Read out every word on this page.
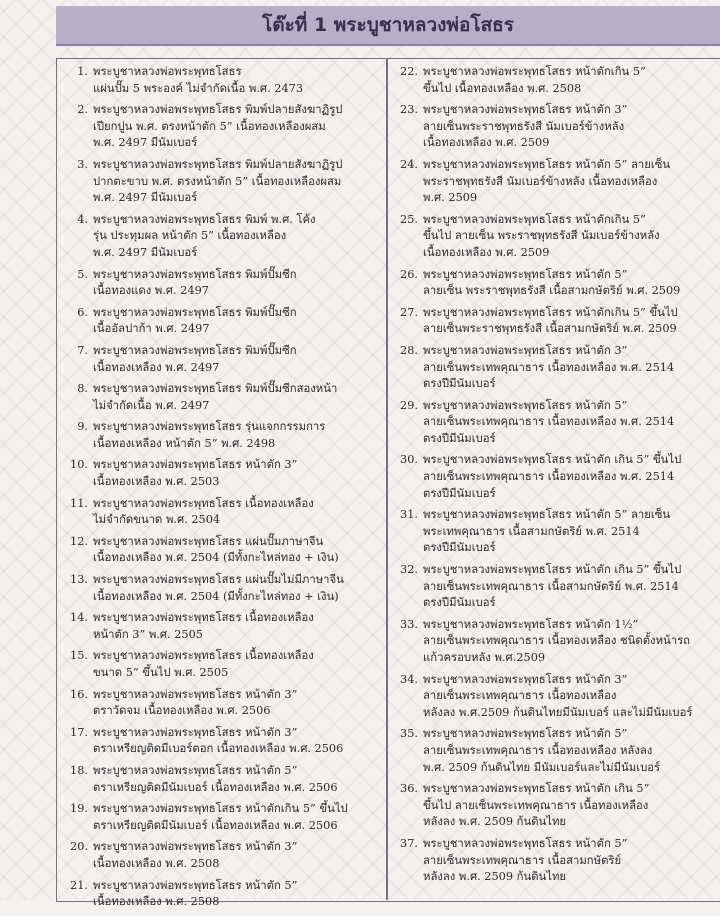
โต๊ะที่ 1 พระบูชาหลวงพ่อโสธร
1. พระบูชาหลวงพ่อพระพุทธโสธร
แผ่นปั๊ม 5 พระองค์ ไม่จำกัดเนื้อ พ.ศ. 2473
2. พระบูชาหลวงพ่อพระพุทธโสธร พิมพ์ปลายสังฆาฏิรูป
เปียกปูน พ.ศ. ตรงหน้าตัก 5” เนื้อทองเหลืองผสม
พ.ศ. 2497 มีนัมเบอร์
3. พระบูชาหลวงพ่อพระพุทธโสธร พิมพ์ปลายสังฆาฏิรูป
ปากตะขาบ พ.ศ. ตรงหน้าตัก 5” เนื้อทองเหลืองผสม
พ.ศ. 2497 มีนัมเบอร์
4. พระบูชาหลวงพ่อพระพุทธโสธร พิมพ์ พ.ศ. โค้ง
รุ่น ประทุมผล หน้าตัก 5” เนื้อทองเหลือง
พ.ศ. 2497 มีนัมเบอร์
5. พระบูชาหลวงพ่อพระพุทธโสธร พิมพ์ปั๊มซีก
เนื้อทองแดง พ.ศ. 2497
6. พระบูชาหลวงพ่อพระพุทธโสธร พิมพ์ปั๊มซีก
เนื้ออัลปาก้า พ.ศ. 2497
7. พระบูชาหลวงพ่อพระพุทธโสธร พิมพ์ปั๊มซีก
เนื้อทองเหลือง พ.ศ. 2497
8. พระบูชาหลวงพ่อพระพุทธโสธร พิมพ์ปั๊มซีกสองหน้า
ไม่จำกัดเนื้อ พ.ศ. 2497
9. พระบูชาหลวงพ่อพระพุทธโสธร รุ่นแจกกรรมการ
เนื้อทองเหลือง หน้าตัก 5” พ.ศ. 2498
10. พระบูชาหลวงพ่อพระพุทธโสธร หน้าตัก 3”
เนื้อทองเหลือง พ.ศ. 2503
11. พระบูชาหลวงพ่อพระพุทธโสธร เนื้อทองเหลือง
ไม่จำกัดขนาด พ.ศ. 2504
12. พระบูชาหลวงพ่อพระพุทธโสธร แผ่นปั๊มภาษาจีน
เนื้อทองเหลือง พ.ศ. 2504 (มีทั้งกะไหล่ทอง + เงิน)
13. พระบูชาหลวงพ่อพระพุทธโสธร แผ่นปั๊มไม่มีภาษาจีน
เนื้อทองเหลือง พ.ศ. 2504 (มีทั้งกะไหล่ทอง + เงิน)
14. พระบูชาหลวงพ่อพระพุทธโสธร เนื้อทองเหลือง
หน้าตัก 3” พ.ศ. 2505
15. พระบูชาหลวงพ่อพระพุทธโสธร เนื้อทองเหลือง
ขนาด 5” ขึ้นไป พ.ศ. 2505
16. พระบูชาหลวงพ่อพระพุทธโสธร หน้าตัก 3”
ตราวัดจม เนื้อทองเหลือง พ.ศ. 2506
17. พระบูชาหลวงพ่อพระพุทธโสธร หน้าตัก 3”
ตราเหรียญติดมีเบอร์ตอก เนื้อทองเหลือง พ.ศ. 2506
18. พระบูชาหลวงพ่อพระพุทธโสธร หน้าตัก 5”
ตราเหรียญติดมีนัมเบอร์ เนื้อทองเหลือง พ.ศ. 2506
19. พระบูชาหลวงพ่อพระพุทธโสธร หน้าตักเกิน 5” ขึ้นไป
ตราเหรียญติดมีนัมเบอร์ เนื้อทองเหลือง พ.ศ. 2506
20. พระบูชาหลวงพ่อพระพุทธโสธร หน้าตัก 3”
เนื้อทองเหลือง พ.ศ. 2508
21. พระบูชาหลวงพ่อพระพุทธโสธร หน้าตัก 5”
เนื้อทองเหลือง พ.ศ. 2508
22. พระบูชาหลวงพ่อพระพุทธโสธร หน้าตักเกิน 5”
ขึ้นไป เนื้อทองเหลือง พ.ศ. 2508
23. พระบูชาหลวงพ่อพระพุทธโสธร หน้าตัก 3”
ลายเซ็นพระราชพุทธรังสี นัมเบอร์ข้างหลัง
เนื้อทองเหลือง พ.ศ. 2509
24. พระบูชาหลวงพ่อพระพุทธโสธร หน้าตัก 5” ลายเซ็น
พระราชพุทธรังสี นัมเบอร์ข้างหลัง เนื้อทองเหลือง
พ.ศ. 2509
25. พระบูชาหลวงพ่อพระพุทธโสธร หน้าตักเกิน 5”
ขึ้นไป ลายเซ็น พระราชพุทธรังสี นัมเบอร์ข้างหลัง
เนื้อทองเหลือง พ.ศ. 2509
26. พระบูชาหลวงพ่อพระพุทธโสธร หน้าตัก 5”
ลายเซ็น พระราชพุทธรังสี เนื้อสามกษัตริย์ พ.ศ. 2509
27. พระบูชาหลวงพ่อพระพุทธโสธร หน้าตักเกิน 5” ขึ้นไป
ลายเซ็นพระราชพุทธรังสี เนื้อสามกษัตริย์ พ.ศ. 2509
28. พระบูชาหลวงพ่อพระพุทธโสธร หน้าตัก 3”
ลายเซ็นพระเทพคุณาธาร เนื้อทองเหลือง พ.ศ. 2514
ตรงปีมีนัมเบอร์
29. พระบูชาหลวงพ่อพระพุทธโสธร หน้าตัก 5”
ลายเซ็นพระเทพคุณาธาร เนื้อทองเหลือง พ.ศ. 2514
ตรงปีมีนัมเบอร์
30. พระบูชาหลวงพ่อพระพุทธโสธร หน้าตัก เกิน 5” ขึ้นไป
ลายเซ็นพระเทพคุณาธาร เนื้อทองเหลือง พ.ศ. 2514
ตรงปีมีนัมเบอร์
31. พระบูชาหลวงพ่อพระพุทธโสธร หน้าตัก 5” ลายเซ็น
พระเทพคุณาธาร เนื้อสามกษัตริย์ พ.ศ. 2514
ตรงปีมีนัมเบอร์
32. พระบูชาหลวงพ่อพระพุทธโสธร หน้าตัก เกิน 5” ขึ้นไป
ลายเซ็นพระเทพคุณาธาร เนื้อสามกษัตริย์ พ.ศ. 2514
ตรงปีมีนัมเบอร์
33. พระบูชาหลวงพ่อพระพุทธโสธร หน้าตัก 1½”
ลายเซ็นพระเทพคุณาธาร เนื้อทองเหลือง ชนิดตั้งหน้ารถ
แก้วครอบหลัง พ.ศ.2509
34. พระบูชาหลวงพ่อพระพุทธโสธร หน้าตัก 3”
ลายเซ็นพระเทพคุณาธาร เนื้อทองเหลือง
หลังลง พ.ศ.2509 ก้นดินไทยมีนัมเบอร์ และไม่มีนัมเบอร์
35. พระบูชาหลวงพ่อพระพุทธโสธร หน้าตัก 5”
ลายเซ็นพระเทพคุณาธาร เนื้อทองเหลือง หลังลง
พ.ศ. 2509 ก้นดินไทย มีนัมเบอร์และไม่มีนัมเบอร์
36. พระบูชาหลวงพ่อพระพุทธโสธร หน้าตัก เกิน 5”
ขึ้นไป ลายเซ็นพระเทพคุณาธาร เนื้อทองเหลือง
หลังลง พ.ศ. 2509 ก้นดินไทย
37. พระบูชาหลวงพ่อพระพุทธโสธร หน้าตัก 5”
ลายเซ็นพระเทพคุณาธาร เนื้อสามกษัตริย์
หลังลง พ.ศ. 2509 ก้นดินไทย
